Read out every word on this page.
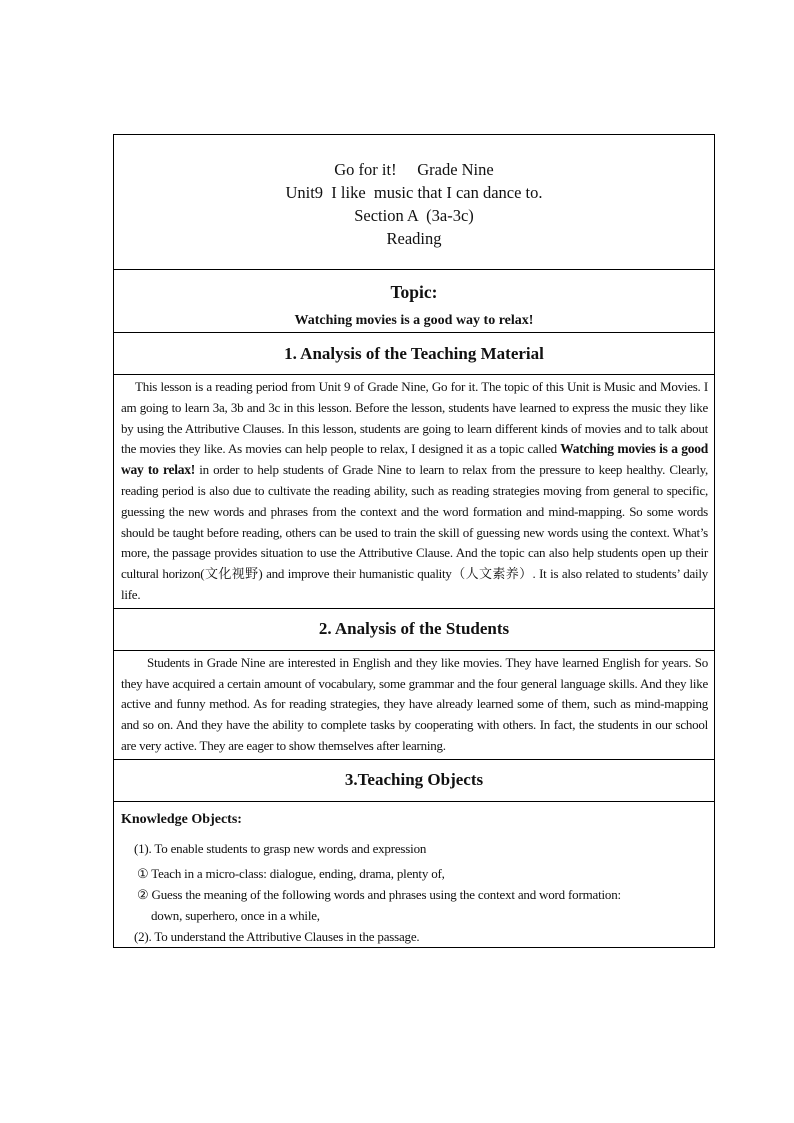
Go for it!     Grade Nine
Unit9  I like  music that I can dance to.
Section A  (3a-3c)
Reading
Topic:
Watching movies is a good way to relax!
1. Analysis of the Teaching Material
This lesson is a reading period from Unit 9 of Grade Nine, Go for it. The topic of this Unit is Music and Movies. I am going to learn 3a, 3b and 3c in this lesson. Before the lesson, students have learned to express the music they like by using the Attributive Clauses. In this lesson, students are going to learn different kinds of movies and to talk about the movies they like. As movies can help people to relax, I designed it as a topic called Watching movies is a good way to relax! in order to help students of Grade Nine to learn to relax from the pressure to keep healthy. Clearly, reading period is also due to cultivate the reading ability, such as reading strategies moving from general to specific, guessing the new words and phrases from the context and the word formation and mind-mapping. So some words should be taught before reading, others can be used to train the skill of guessing new words using the context. What’s more, the passage provides situation to use the Attributive Clause. And the topic can also help students open up their cultural horizon(文化视野) and improve their humanistic quality（人文素养）. It is also related to students’ daily life.
2. Analysis of the Students
Students in Grade Nine are interested in English and they like movies. They have learned English for years. So they have acquired a certain amount of vocabulary, some grammar and the four general language skills. And they like active and funny method. As for reading strategies, they have already learned some of them, such as mind-mapping and so on. And they have the ability to complete tasks by cooperating with others. In fact, the students in our school are very active. They are eager to show themselves after learning.
3.Teaching Objects
Knowledge Objects:
(1). To enable students to grasp new words and expression
① Teach in a micro-class: dialogue, ending, drama, plenty of,
② Guess the meaning of the following words and phrases using the context and word formation:
down, superhero, once in a while,
(2). To understand the Attributive Clauses in the passage.
